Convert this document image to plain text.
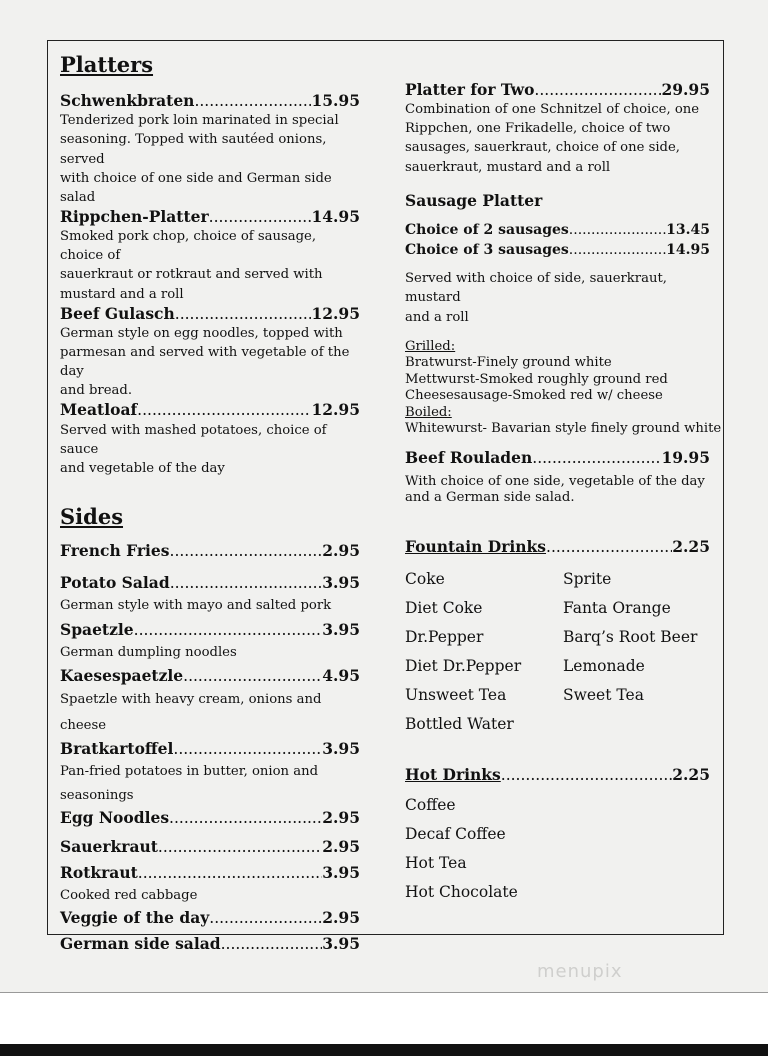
Platters
Schwenkbraten .....	15.95

Tenderized pork loin marinated in special
seasoning. Topped with sautéed onions, served
with choice of one side and German side salad

Rippchen-Platter .....	14.95

Smoked pork chop, choice of sausage, choice of
sauerkraut or rotkraut and served with
mustard and a roll

Beef Gulasch .....	12.95

German style on egg noodles, topped with
parmesan and served with vegetable of the day
and bread.

Meatloaf .....	12.95

Served with mashed potatoes, choice of sauce
and vegetable of the day

Sides
French Fries .....	2.95
Potato Salad .....	3.95

German style with mayo and salted pork

Spaetzle .....	3.95

German dumpling noodles

Kaesespaetzle .....	4.95

Spaetzle with heavy cream, onions and cheese

Bratkartoffel .....	3.95

Pan-fried potatoes in butter, onion and seasonings

Egg Noodles .....	2.95
Sauerkraut .....	2.95
Rotkraut .....	3.95

Cooked red cabbage

Veggie of the day .....	2.95
German side salad .....	3.95
Platter for Two .....	29.95

Combination of one Schnitzel of choice, one
Rippchen, one Frikadelle, choice of two
sausages, sauerkraut, choice of one side,
sauerkraut, mustard and a roll

Sausage Platter

Choice of 2 sausages .....	13.45
Choice of 3 sausages .....	14.95

Served with choice of side, sauerkraut, mustard
and a roll

Grilled:

Bratwurst-Finely ground white
Mettwurst-Smoked roughly ground red
Cheesesausage-Smoked red w/ cheese

Boiled:

Whitewurst- Bavarian style finely ground white

Beef Rouladen .....	19.95

With choice of one side, vegetable of the day
and a German side salad.

Fountain Drinks .....	2.25
Coke	Sprite
Diet Coke	Fanta Orange
Dr.Pepper	Barq’s Root Beer
Diet Dr.Pepper	Lemonade
Unsweet Tea	Sweet Tea
Bottled Water
Hot Drinks .....	2.25
Coffee
Decaf Coffee
Hot Tea
Hot Chocolate
menupix
